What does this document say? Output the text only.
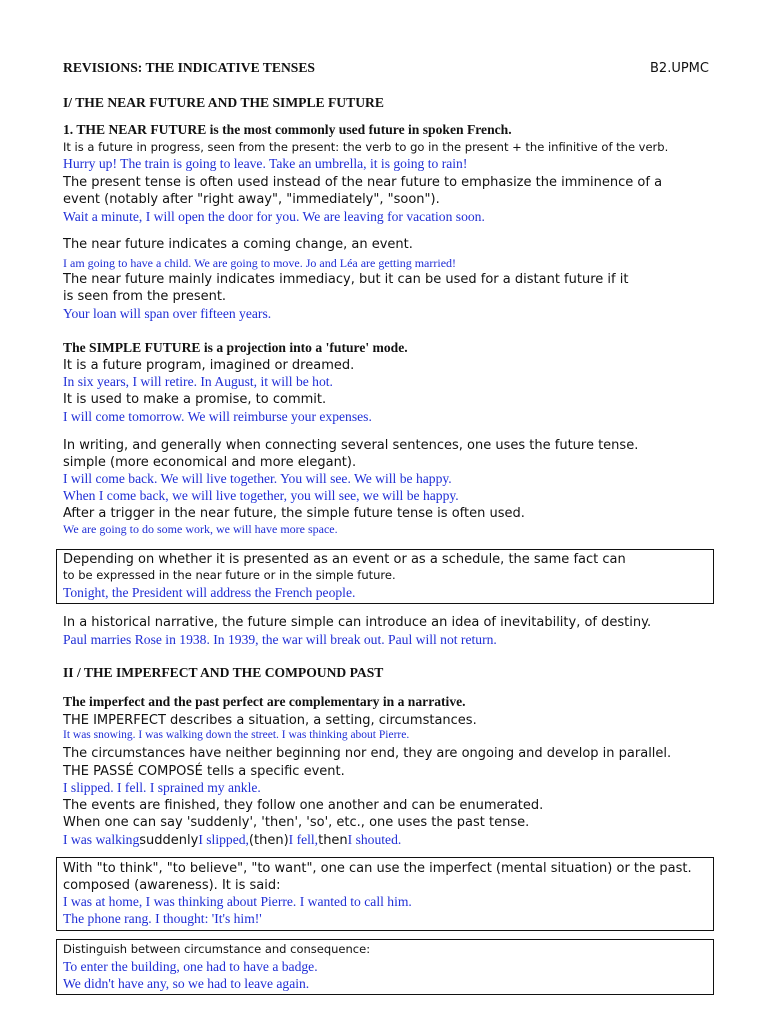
REVISIONS: THE INDICATIVE TENSES	B2.UPMC
I/ THE NEAR FUTURE AND THE SIMPLE FUTURE
1. THE NEAR FUTURE is the most commonly used future in spoken French.
It is a future in progress, seen from the present: the verb to go in the present + the infinitive of the verb.
Hurry up! The train is going to leave. Take an umbrella, it is going to rain!
The present tense is often used instead of the near future to emphasize the imminence of a
event (notably after "right away", "immediately", "soon").
Wait a minute, I will open the door for you. We are leaving for vacation soon.
The near future indicates a coming change, an event.
I am going to have a child. We are going to move. Jo and Léa are getting married!
The near future mainly indicates immediacy, but it can be used for a distant future if it
is seen from the present.
Your loan will span over fifteen years.
The SIMPLE FUTURE is a projection into a 'future' mode.
It is a future program, imagined or dreamed.
In six years, I will retire. In August, it will be hot.
It is used to make a promise, to commit.
I will come tomorrow. We will reimburse your expenses.
In writing, and generally when connecting several sentences, one uses the future tense.
simple (more economical and more elegant).
I will come back. We will live together. You will see. We will be happy.
When I come back, we will live together, you will see, we will be happy.
After a trigger in the near future, the simple future tense is often used.
We are going to do some work, we will have more space.
Depending on whether it is presented as an event or as a schedule, the same fact can
to be expressed in the near future or in the simple future.
Tonight, the President will address the French people.
In a historical narrative, the future simple can introduce an idea of inevitability, of destiny.
Paul marries Rose in 1938. In 1939, the war will break out. Paul will not return.
II / THE IMPERFECT AND THE COMPOUND PAST
The imperfect and the past perfect are complementary in a narrative.
THE IMPERFECT describes a situation, a setting, circumstances.
It was snowing. I was walking down the street. I was thinking about Pierre.
The circumstances have neither beginning nor end, they are ongoing and develop in parallel.
THE PASSÉ COMPOSÉ tells a specific event.
I slipped. I fell. I sprained my ankle.
The events are finished, they follow one another and can be enumerated.
When one can say 'suddenly', 'then', 'so', etc., one uses the past tense.
I was walkingsuddenlyI slipped,(then)I fell,thenI shouted.
With "to think", "to believe", "to want", one can use the imperfect (mental situation) or the past.
composed (awareness). It is said:
I was at home, I was thinking about Pierre. I wanted to call him.
The phone rang. I thought: 'It's him!'
Distinguish between circumstance and consequence:
To enter the building, one had to have a badge.
We didn't have any, so we had to leave again.
